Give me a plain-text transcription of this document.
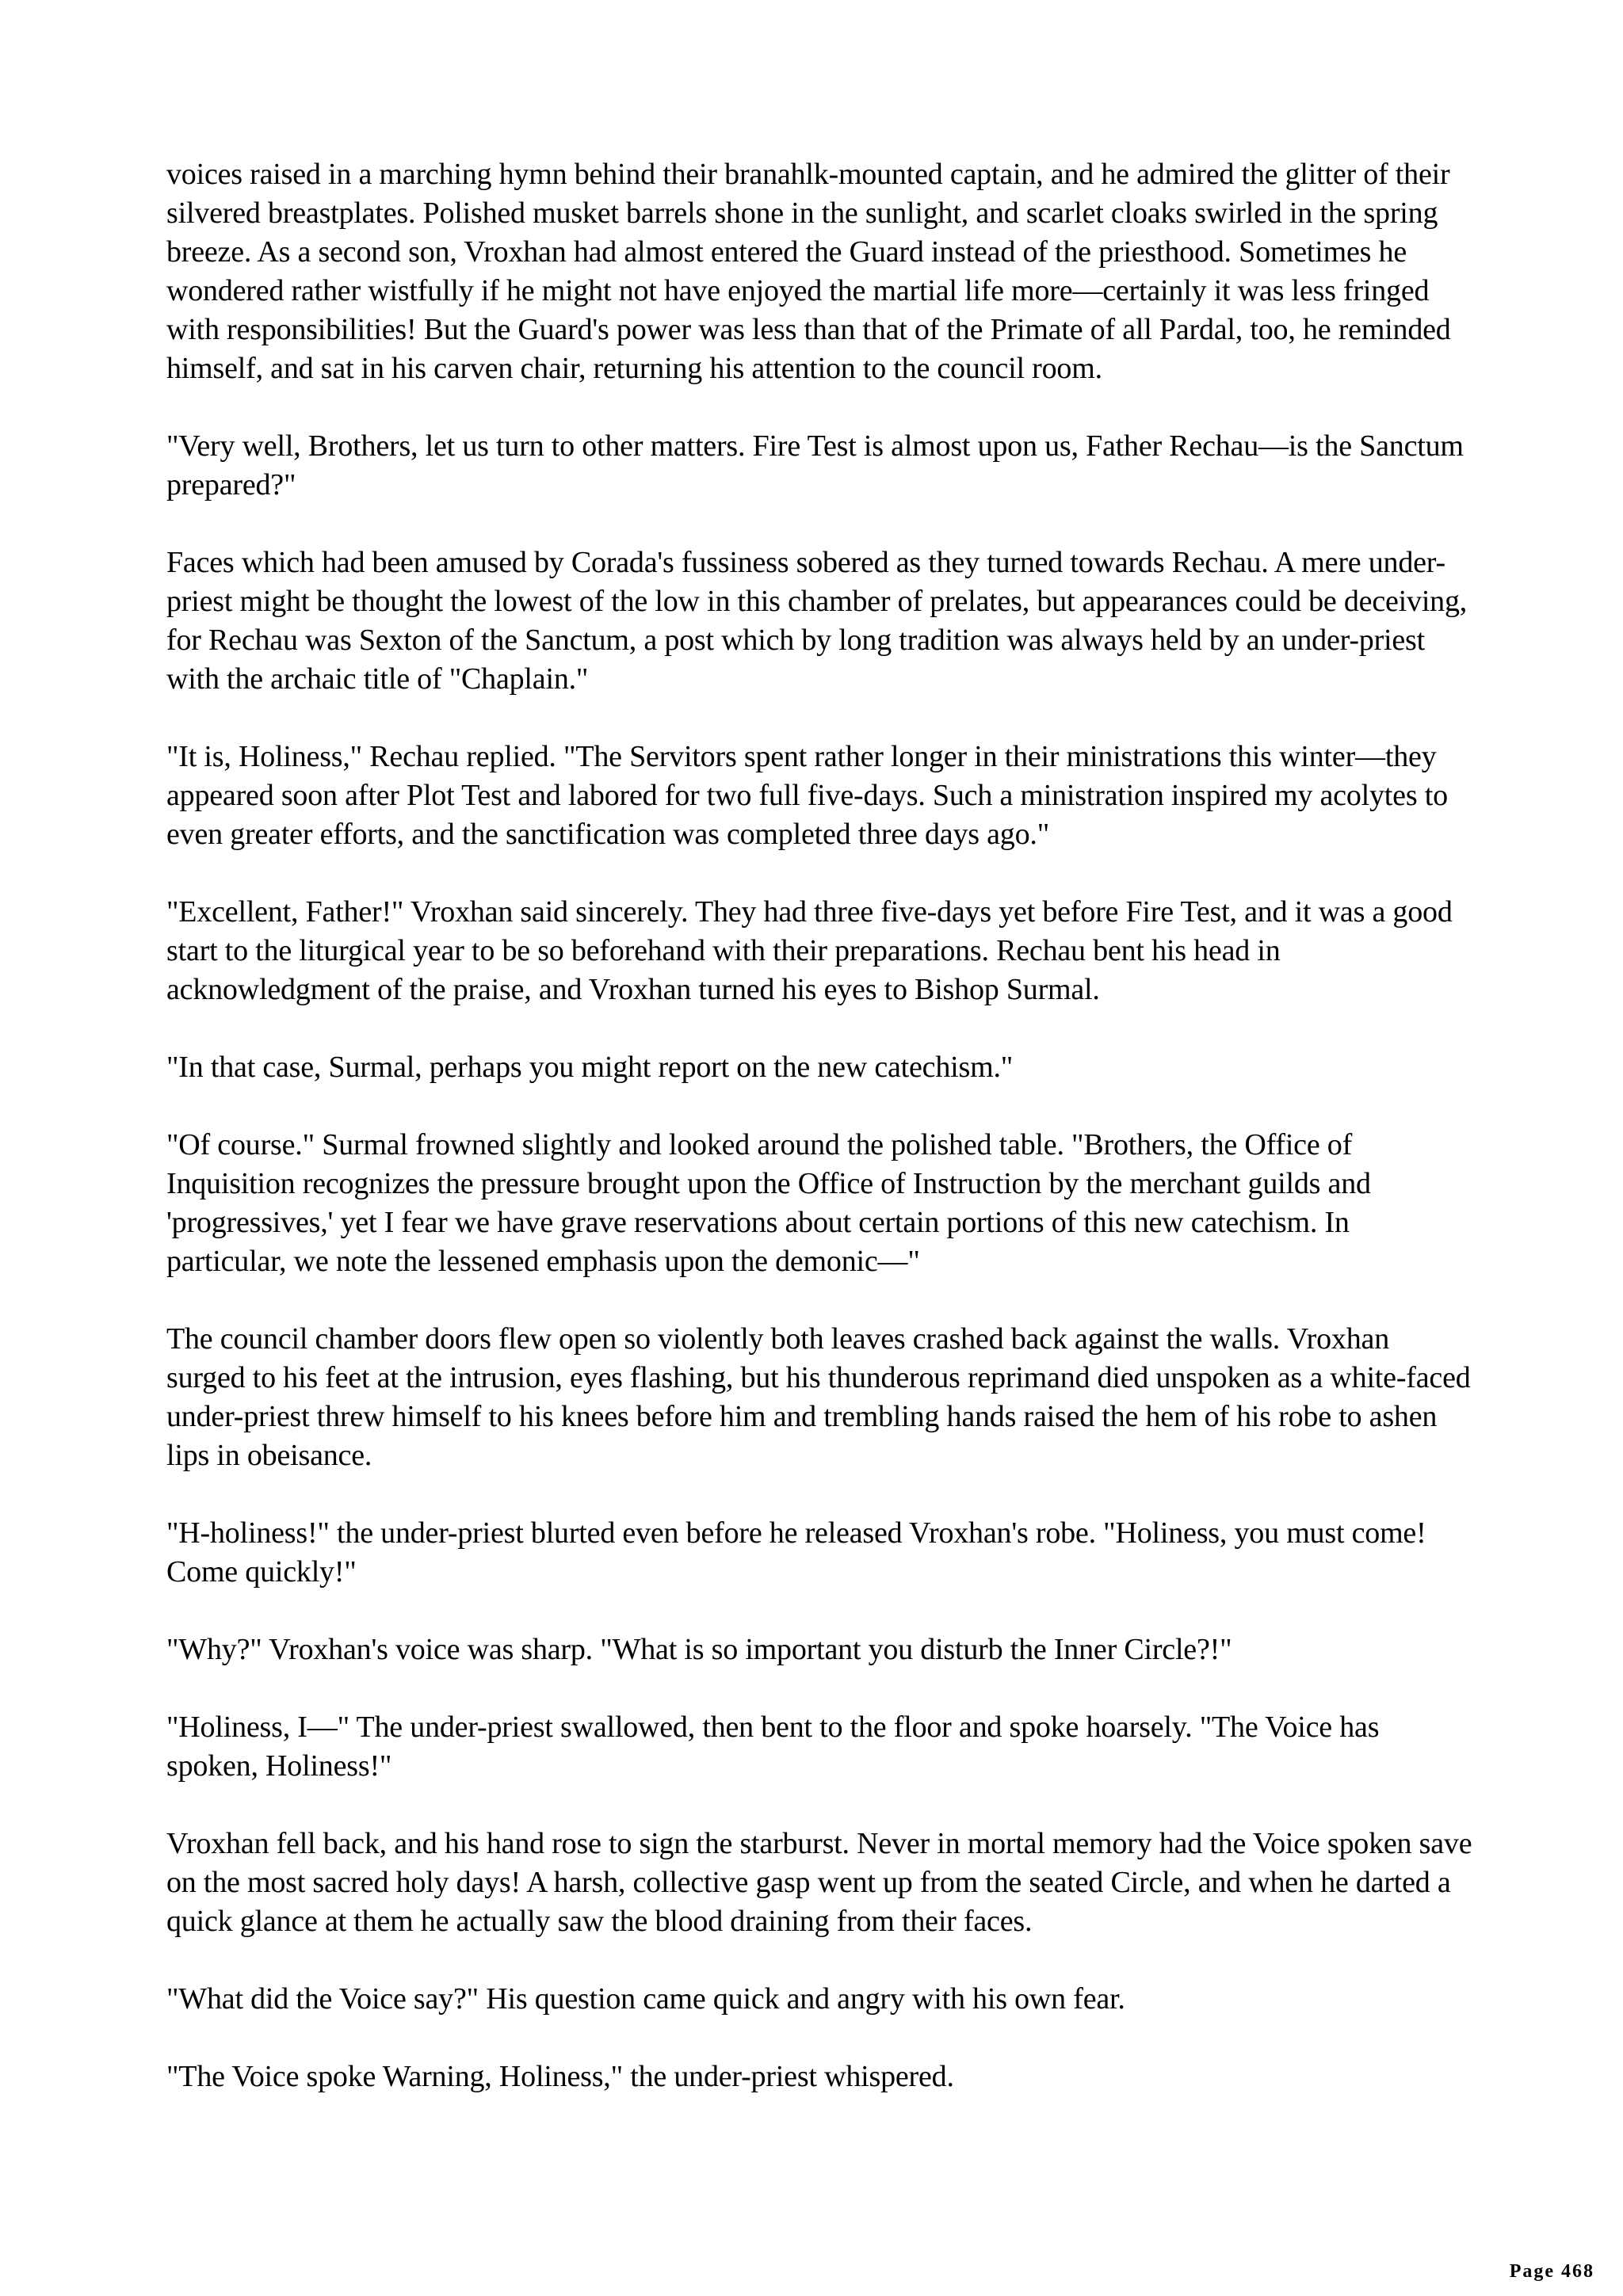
voices raised in a marching hymn behind their branahlk-mounted captain, and he admired the glitter of their silvered breastplates. Polished musket barrels shone in the sunlight, and scarlet cloaks swirled in the spring breeze. As a second son, Vroxhan had almost entered the Guard instead of the priesthood. Sometimes he wondered rather wistfully if he might not have enjoyed the martial life more—certainly it was less fringed with responsibilities! But the Guard's power was less than that of the Primate of all Pardal, too, he reminded himself, and sat in his carven chair, returning his attention to the council room.

"Very well, Brothers, let us turn to other matters. Fire Test is almost upon us, Father Rechau—is the Sanctum prepared?"

Faces which had been amused by Corada's fussiness sobered as they turned towards Rechau. A mere under-priest might be thought the lowest of the low in this chamber of prelates, but appearances could be deceiving, for Rechau was Sexton of the Sanctum, a post which by long tradition was always held by an under-priest with the archaic title of "Chaplain."

"It is, Holiness," Rechau replied. "The Servitors spent rather longer in their ministrations this winter—they appeared soon after Plot Test and labored for two full five-days. Such a ministration inspired my acolytes to even greater efforts, and the sanctification was completed three days ago."

"Excellent, Father!" Vroxhan said sincerely. They had three five-days yet before Fire Test, and it was a good start to the liturgical year to be so beforehand with their preparations. Rechau bent his head in acknowledgment of the praise, and Vroxhan turned his eyes to Bishop Surmal.

"In that case, Surmal, perhaps you might report on the new catechism."

"Of course." Surmal frowned slightly and looked around the polished table. "Brothers, the Office of Inquisition recognizes the pressure brought upon the Office of Instruction by the merchant guilds and 'progressives,' yet I fear we have grave reservations about certain portions of this new catechism. In particular, we note the lessened emphasis upon the demonic—"

The council chamber doors flew open so violently both leaves crashed back against the walls. Vroxhan surged to his feet at the intrusion, eyes flashing, but his thunderous reprimand died unspoken as a white-faced under-priest threw himself to his knees before him and trembling hands raised the hem of his robe to ashen lips in obeisance.

"H-holiness!" the under-priest blurted even before he released Vroxhan's robe. "Holiness, you must come! Come quickly!"

"Why?" Vroxhan's voice was sharp. "What is so important you disturb the Inner Circle?!"

"Holiness, I—" The under-priest swallowed, then bent to the floor and spoke hoarsely. "The Voice has spoken, Holiness!"

Vroxhan fell back, and his hand rose to sign the starburst. Never in mortal memory had the Voice spoken save on the most sacred holy days! A harsh, collective gasp went up from the seated Circle, and when he darted a quick glance at them he actually saw the blood draining from their faces.

"What did the Voice say?" His question came quick and angry with his own fear.

"The Voice spoke Warning, Holiness," the under-priest whispered.

Page 468
